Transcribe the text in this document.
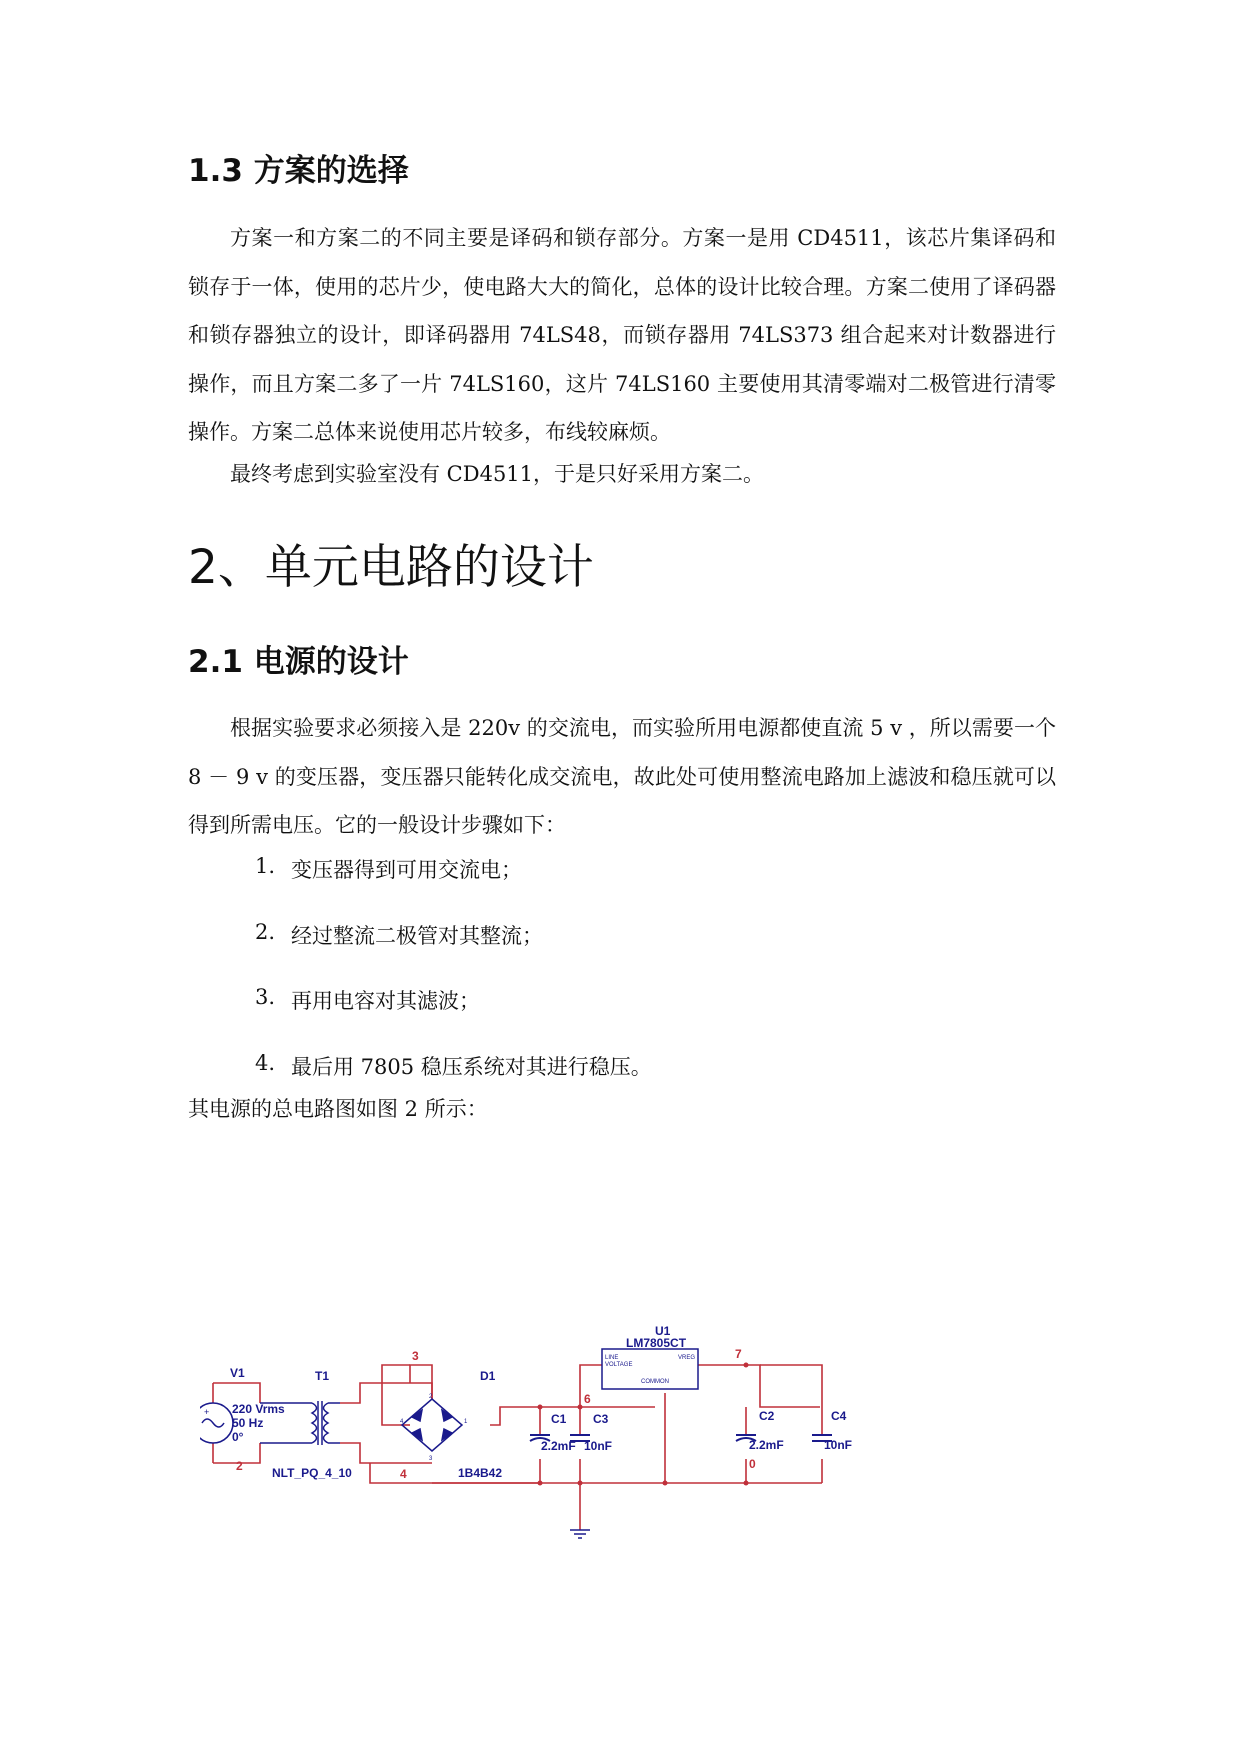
1.3 方案的选择

方案一和方案二的不同主要是译码和锁存部分。方案一是用 CD4511，该芯片集译码和锁存于一体，使用的芯片少，使电路大大的简化，总体的设计比较合理。方案二使用了译码器和锁存器独立的设计，即译码器用 74LS48，而锁存器用 74LS373 组合起来对计数器进行操作，而且方案二多了一片 74LS160，这片 74LS160 主要使用其清零端对二极管进行清零操作。方案二总体来说使用芯片较多，布线较麻烦。

最终考虑到实验室没有 CD4511，于是只好采用方案二。

2、单元电路的设计
2.1 电源的设计

根据实验要求必须接入是 220v 的交流电，而实验所用电源都使直流 5 v ，所以需要一个 8 － 9 v 的变压器，变压器只能转化成交流电，故此处可使用整流电路加上滤波和稳压就可以得到所需电压。它的一般设计步骤如下：

1. 变压器得到可用交流电；
2. 经过整流二极管对其整流；
3. 再用电容对其滤波；
4. 最后用 7805 稳压系统对其进行稳压。

其电源的总电路图如图 2 所示：

+
V1
220 Vrms
50 Hz
0°
T1
NLT_PQ_4_10
D1
1B4B42
U1
LM7805CT
C1
2.2mF
C3
10nF
C2
2.2mF
C4
10nF
LINE
VOLTAGE
VREG
COMMON
2
4	1
3
2
3
4
6
7
0
